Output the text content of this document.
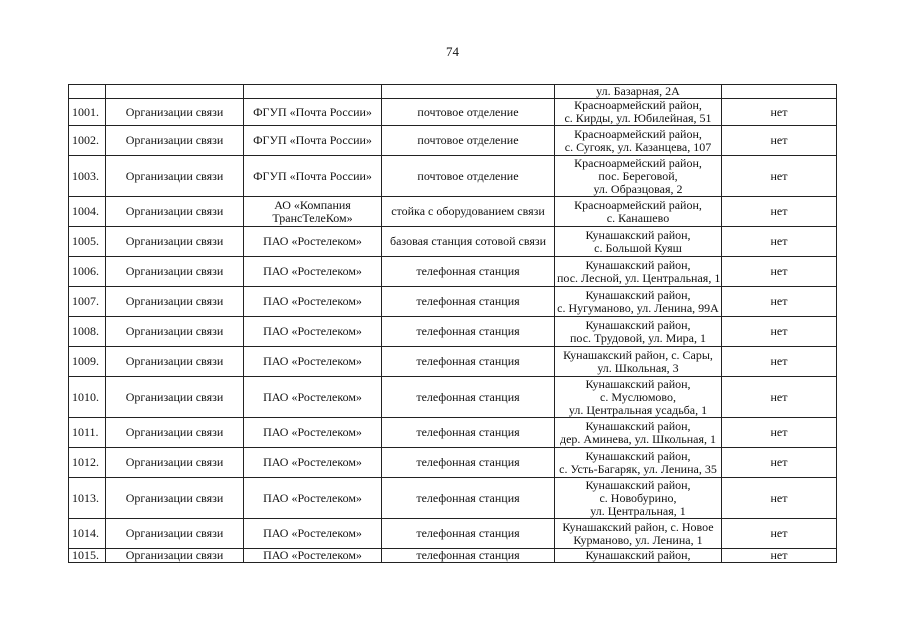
74
				ул. Базарная, 2А	
1001.	Организации связи	ФГУП «Почта России»	почтовое отделение	Красноармейский район,
с. Кирды, ул. Юбилейная, 51	нет
1002.	Организации связи	ФГУП «Почта России»	почтовое отделение	Красноармейский район,
с. Сугояк, ул. Казанцева, 107	нет
1003.	Организации связи	ФГУП «Почта России»	почтовое отделение	Красноармейский район,
пос. Береговой,
ул. Образцовая, 2	нет
1004.	Организации связи	АО «Компания ТрансТелеКом»	стойка с оборудованием связи	Красноармейский район,
с. Канашево	нет
1005.	Организации связи	ПАО «Ростелеком»	базовая станция сотовой связи	Кунашакский район,
с. Большой Куяш	нет
1006.	Организации связи	ПАО «Ростелеком»	телефонная станция	Кунашакский район,
пос. Лесной, ул. Центральная, 1	нет
1007.	Организации связи	ПАО «Ростелеком»	телефонная станция	Кунашакский район,
с. Нугуманово, ул. Ленина, 99А	нет
1008.	Организации связи	ПАО «Ростелеком»	телефонная станция	Кунашакский район,
пос. Трудовой, ул. Мира, 1	нет
1009.	Организации связи	ПАО «Ростелеком»	телефонная станция	Кунашакский район, с. Сары,
ул. Школьная, 3	нет
1010.	Организации связи	ПАО «Ростелеком»	телефонная станция	Кунашакский район,
с. Муслюмово,
ул. Центральная усадьба, 1	нет
1011.	Организации связи	ПАО «Ростелеком»	телефонная станция	Кунашакский район,
дер. Аминева, ул. Школьная, 1	нет
1012.	Организации связи	ПАО «Ростелеком»	телефонная станция	Кунашакский район,
с. Усть-Багаряк, ул. Ленина, 35	нет
1013.	Организации связи	ПАО «Ростелеком»	телефонная станция	Кунашакский район,
с. Новобурино,
ул. Центральная, 1	нет
1014.	Организации связи	ПАО «Ростелеком»	телефонная станция	Кунашакский район, с. Новое
Курманово, ул. Ленина, 1	нет
1015.	Организации связи	ПАО «Ростелеком»	телефонная станция	Кунашакский район,	нет
